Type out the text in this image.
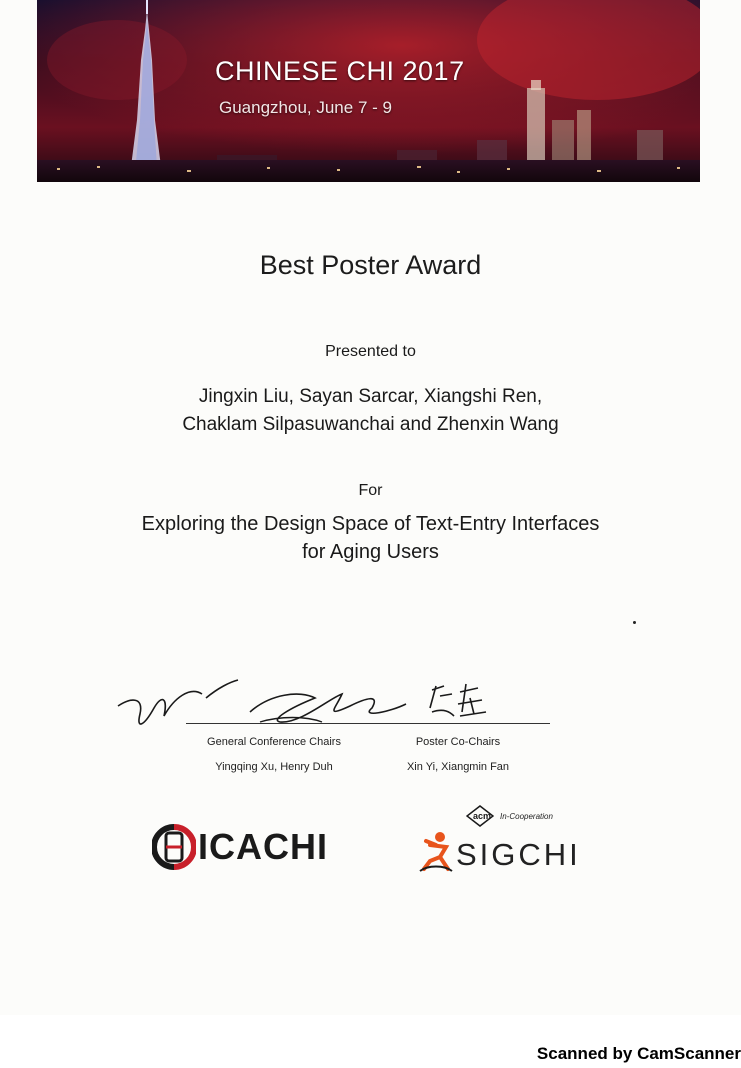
CHINESE CHI 2017
Guangzhou, June 7 - 9
Best Poster Award
Presented to
Jingxin Liu, Sayan Sarcar, Xiangshi Ren,
Chaklam Silpasuwanchai and Zhenxin Wang
For
Exploring the Design Space of Text-Entry Interfaces
for Aging Users
General Conference Chairs
Yingqing Xu, Henry Duh
Poster Co-Chairs
Xin Yi, Xiangmin Fan
ICACHI
acm In-Cooperation
SIGCHI
Scanned by CamScanner
